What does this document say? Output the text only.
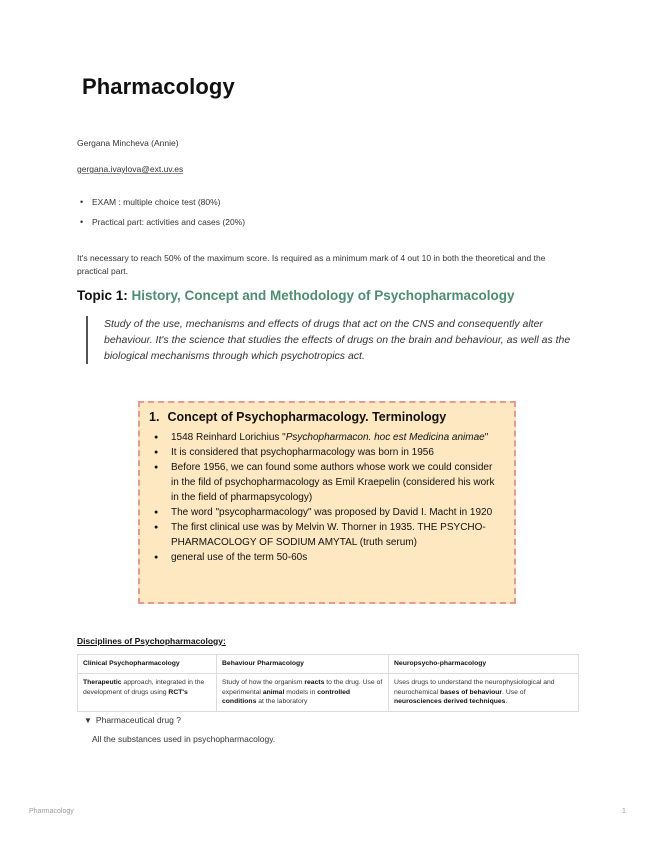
Pharmacology
Gergana Mincheva (Annie)
gergana.ivaylova@ext.uv.es
• EXAM : multiple choice test (80%)
• Practical part: activities and cases (20%)

It's necessary to reach 50% of the maximum score. Is required as a minimum mark of 4 out 10 in both the theoretical and the practical part.

Topic 1: History, Concept and Methodology of Psychopharmacology

Study of the use, mechanisms and effects of drugs that act on the CNS and consequently alter behaviour. It's the science that studies the effects of drugs on the brain and behaviour, as well as the biological mechanisms through which psychotropics act.

1. Concept of Psychopharmacology. Terminology
● 1548 Reinhard Lorichius "Psychopharmacon. hoc est Medicina animae"
● It is considered that psychopharmacology was born in 1956
● Before 1956, we can found some authors whose work we could consider in the fild of psychopharmacology as Emil Kraepelin (considered his work in the field of pharmapsycology)
● The word "psycopharmacology" was proposed by David I. Macht in 1920
● The first clinical use was by Melvin W. Thorner in 1935. THE PSYCHO-PHARMACOLOGY OF SODIUM AMYTAL (truth serum)
● general use of the term 50-60s
Disciplines of Psychopharmacology:
Clinical Psychopharmacology	Behaviour Pharmacology	Neuropsycho-pharmacology
Therapeutic approach, integrated in the development of drugs using RCT's	Study of how the organism reacts to the drug. Use of experimental animal models in controlled conditions at the laboratory	Uses drugs to understand the neurophysiological and neurochemical bases of behaviour. Use of neurosciences derived techniques.
▼ Pharmaceutical drug ?
All the substances used in psychopharmacology.
Pharmacology	1
